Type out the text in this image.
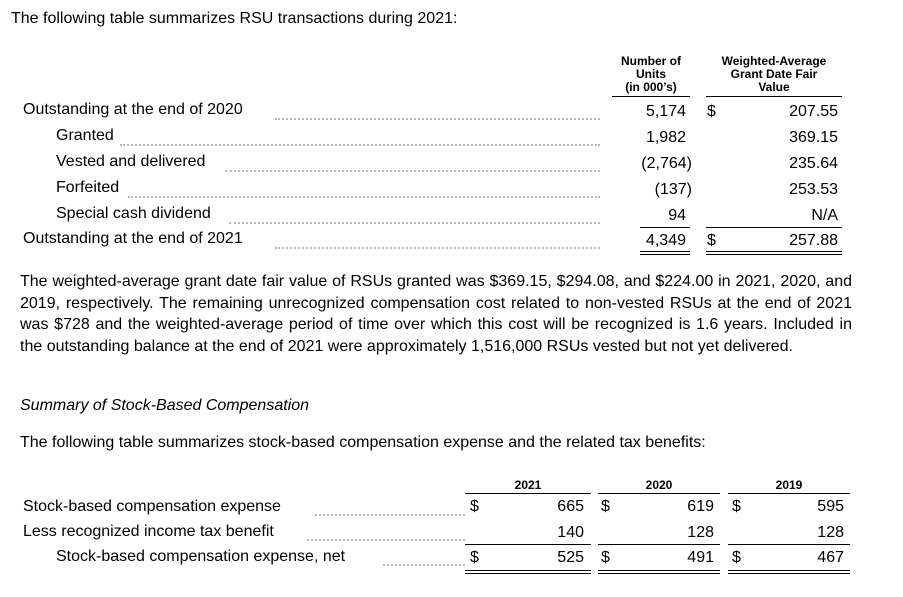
The following table summarizes RSU transactions during 2021:
Number of
Units
(in 000’s)
Weighted-Average
Grant Date Fair
Value
Outstanding at the end of 2020	5,174 $	207.55
Granted	1,982	369.15
Vested and delivered	(2,764)	235.64
Forfeited	(137)	253.53
Special cash dividend	94	N/A
Outstanding at the end of 2021	4,349 $	257.88
The weighted-average grant date fair value of RSUs granted was $369.15, $294.08, and $224.00 in 2021, 2020, and 2019, respectively. The remaining unrecognized compensation cost related to non-vested RSUs at the end of 2021 was $728 and the weighted-average period of time over which this cost will be recognized is 1.6 years. Included in the outstanding balance at the end of 2021 were approximately 1,516,000 RSUs vested but not yet delivered.
Summary of Stock-Based Compensation
The following table summarizes stock-based compensation expense and the related tax benefits:
2021	2020	2019
Stock-based compensation expense	$	665 $	619 $	595
Less recognized income tax benefit	140	128	128
Stock-based compensation expense, net	$	525 $	491 $	467
